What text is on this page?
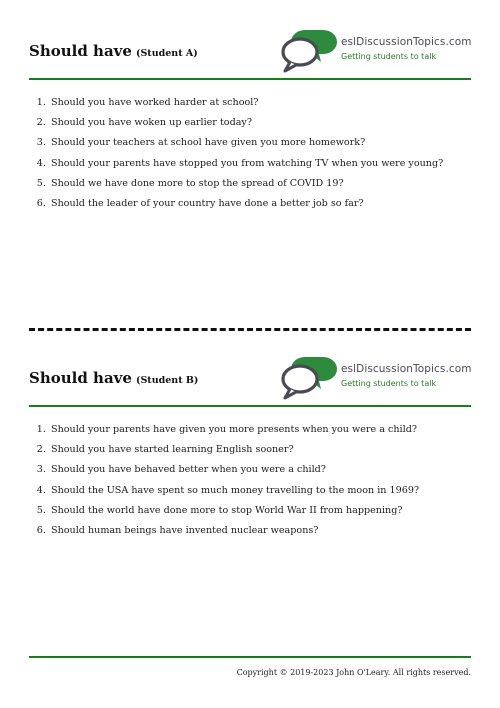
Should have (Student A)
eslDiscussionTopics.com
Getting students to talk
1. Should you have worked harder at school?
2. Should you have woken up earlier today?
3. Should your teachers at school have given you more homework?
4. Should your parents have stopped you from watching TV when you were young?
5. Should we have done more to stop the spread of COVID 19?
6. Should the leader of your country have done a better job so far?
Should have (Student B)
eslDiscussionTopics.com
Getting students to talk
1. Should your parents have given you more presents when you were a child?
2. Should you have started learning English sooner?
3. Should you have behaved better when you were a child?
4. Should the USA have spent so much money travelling to the moon in 1969?
5. Should the world have done more to stop World War II from happening?
6. Should human beings have invented nuclear weapons?
Copyright © 2019-2023 John O'Leary. All rights reserved.
